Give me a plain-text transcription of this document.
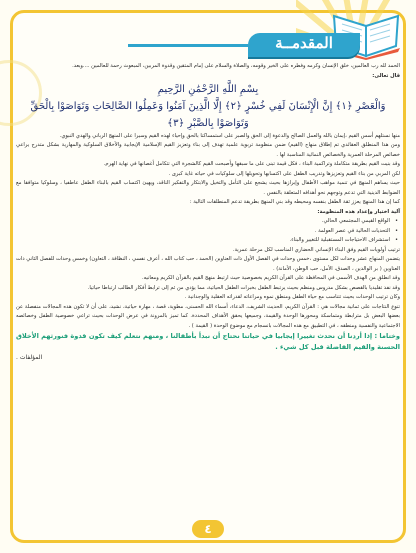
المقدمــة

الحمد لله رب العالمين، خلق الإنسان وكرمه وفطره على الخير وقومه، والصلاة والسلام على إمام المتقين وقدوة المربين، المبعوث رحمة للعالمين ....وبعد.

قال تعالى:

بِسْمِ اللَّهِ الرَّحْمَٰنِ الرَّحِيمِ
وَالْعَصْرِ ﴿١﴾ إِنَّ الْإِنْسَانَ لَفِي خُسْرٍ ﴿٢﴾ إِلَّا الَّذِينَ آمَنُوا وَعَمِلُوا الصَّالِحَاتِ وَتَوَاصَوْا بِالْحَقِّ وَتَوَاصَوْا بِالصَّبْرِ ﴿٣﴾

منها نستلهم أسس القيم ،إيمان بالله والعمل الصالح والدعوة إلى الحق والصبر على استمساكنا بالحق وإحياء لهذه القيم وسيرا على المنهج الرباني والهدي النبوي.

ومن هذا المنطلق العقائدي تم إطلاق منهاج (القيم) ضمن منظومة تربوية علمية تهدف إلى بناء وتعزيز القيم الإسلامية الإيجابية والأخلاق السلوكية والمهارية بشكل متدرج يراعي خصائص المرحلة العمرية والخصائص النمائية المناسبة لها .

وقد بنيت القيم بطريقة متكاملة وتراكمية البناء ، فكل قيمة تبنى على ما سبقها وأصبحت القيم كالشجرة التي تتكامل أغصانها في نهاية الهرم.

لكن المربي من بناء القيم وتعزيزها وتدريب الطفل على اكتسابها وتحويلها إلى سلوكيات في حياته غاية كبرى .

حيث يساهم المنهج في تنمية مواهب الأطفال وإبرازها بحيث يشجع على التأمل والتخيل والابتكار والتفكير الناقد، ويهيئ اكتساب القيم بالبناء الطفل عاطفيا ، وسلوكيا متوافقا مع الضوابط الدينية التي تدعم وتوجهم نحو أهدافه المتعلقة بالنفس .

كما إن هذا المنهج يعزز ثقة الطفل بنفسه ومحيطه وقد بني المنهج بطريقة تدعم المنطلقات التالية :

آلية اختيار وإعداد هذه المنظومة:

• الواقع القيمي المجتمعي الحالي.
• التحديات الحالية في عصر العولمة .
• استشراف الاحتياجات المستقبلية للتغيير والبناء.

ترتيب أولويات القيم وفق البناء الإنساني الحضاري المناسب لكل مرحلة عمرية.

يتضمن المنهاج عشر وحدات لكل مستوى ،خمس وحدات في الفصل الأول ذات العناوين (الحمد ، حب كتاب الله ، أعرف نفسي ، النظافة ، التعاون) وخمس وحدات للفصل الثاني ذات العناوين ( بر الوالدين ، الصدق، الأمل، حب الوطن، الأمانة) .

وقد انطلق من الهدف الأسمى في المحافظة على القرآن الكريم بخصوصية حيث ارتبط منهج القيم بالقرآن الكريم ومعانيه.

وقد نفذ تقليديا بالقصص بشكل مدروس ومنظم بحيث يرتبط الطفل بخبرات الطفل الحياتية، مما يؤدي من ثم إلى ترابط أفكار الطالب ارتباطا حياتيا.

وكان ترتيب الوحدات بحيث تتناسب مع حياة الطفل ومنطق نموه ومراعاته لقدراته العقلية والوجدانية .

تنوع النتاجات على ثمانية مجالات هي : القرآن الكريم، الحديث الشريف، الدعاء، أسماء الله الحسنى، مطوية، قصة ، مهارة حياتية، نشيد، على أن لا تكون هذه المجالات منفصلة عن بعضها البعض بل مترابطة ومتماسكة ومحورها الوحدة والقيمة، وجميعها يحقق الأهداف المحددة. كما تميز بالمرونة في عرض الوحدات بحيث تراعي خصوصية الطفل وخصائصه الاجتماعية والنفسية ومنطقه ، في التطبيق مع هذه المجالات بانسجام مع موضوع الوحدة ( القيمة ) .

وختاما : إذا أردنا أن نحدث تغييرا إيجابيا في حياتنا نحتاج أن نبدأ بأطفالنا ، ومنهم نتعلم كيف تكون قدوة فنورثهم الأخلاق الحسنة والقيم الفاضلة قبل كل شيء .

المؤلفات .

٤
